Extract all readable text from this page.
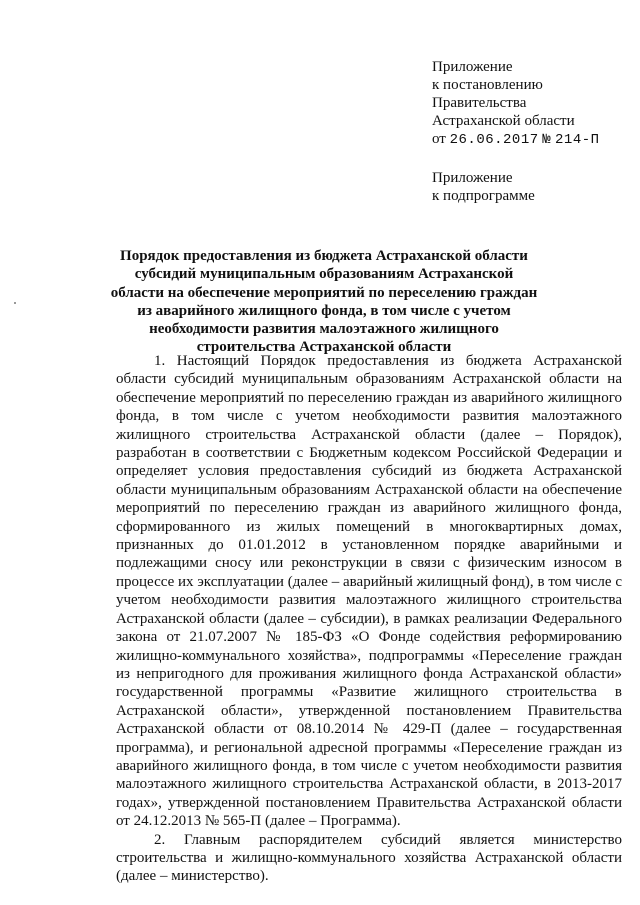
Приложение
к постановлению
Правительства
Астраханской области
от 26.06.2017 № 214-П
Приложение
к подпрограмме
Порядок предоставления из бюджета Астраханской области субсидий муниципальным образованиям Астраханской области на обеспечение мероприятий по переселению граждан из аварийного жилищного фонда, в том числе с учетом необходимости развития малоэтажного жилищного строительства Астраханской области

1. Настоящий Порядок предоставления из бюджета Астраханской области субсидий муниципальным образованиям Астраханской области на обеспечение мероприятий по переселению граждан из аварийного жилищного фонда, в том числе с учетом необходимости развития малоэтажного жилищного строительства Астраханской области (далее – Порядок), разработан в соответствии с Бюджетным кодексом Российской Федерации и определяет условия предоставления субсидий из бюджета Астраханской области муниципальным образованиям Астраханской области на обеспечение мероприятий по переселению граждан из аварийного жилищного фонда, сформированного из жилых помещений в многоквартирных домах, признанных до 01.01.2012 в установленном порядке аварийными и подлежащими сносу или реконструкции в связи с физическим износом в процессе их эксплуатации (далее – аварийный жилищный фонд), в том числе с учетом необходимости развития малоэтажного жилищного строительства Астраханской области (далее – субсидии), в рамках реализации Федерального закона от 21.07.2007 № 185-ФЗ «О Фонде содействия реформированию жилищно-коммунального хозяйства», подпрограммы «Переселение граждан из непригодного для проживания жилищного фонда Астраханской области» государственной программы «Развитие жилищного строительства в Астраханской области», утвержденной постановлением Правительства Астраханской области от 08.10.2014 № 429-П (далее – государственная программа), и региональной адресной программы «Переселение граждан из аварийного жилищного фонда, в том числе с учетом необходимости развития малоэтажного жилищного строительства Астраханской области, в 2013-2017 годах», утвержденной постановлением Правительства Астраханской области от 24.12.2013 № 565-П (далее – Программа).

2. Главным распорядителем субсидий является министерство строительства и жилищно-коммунального хозяйства Астраханской области (далее – министерство).
